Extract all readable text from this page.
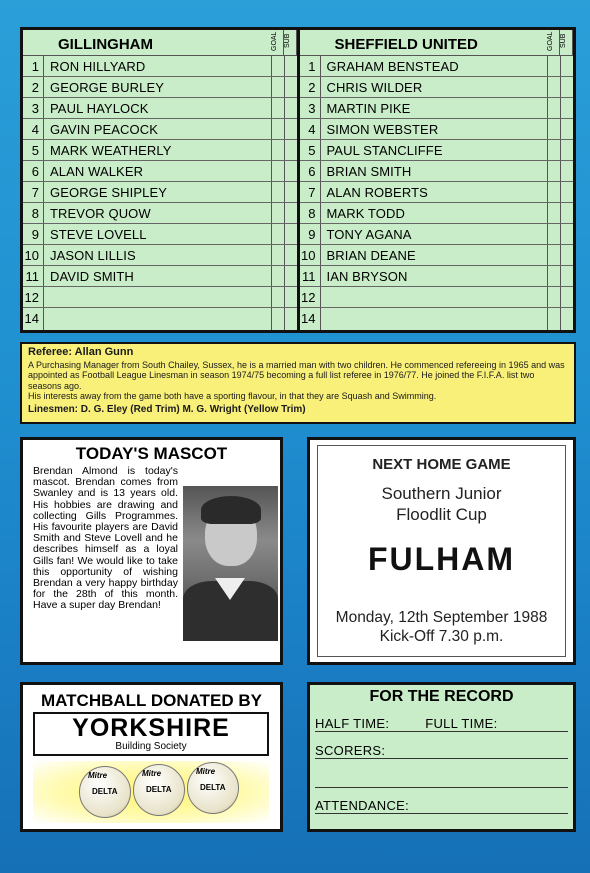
GILLINGHAM	GOAL SUB
1 RON HILLYARD
2 GEORGE BURLEY
3 PAUL HAYLOCK
4 GAVIN PEACOCK
5 MARK WEATHERLY
6 ALAN WALKER
7 GEORGE SHIPLEY
8 TREVOR QUOW
9 STEVE LOVELL
10 JASON LILLIS
11 DAVID SMITH
12
14
SHEFFIELD UNITED	GOAL SUB
1 GRAHAM BENSTEAD
2 CHRIS WILDER
3 MARTIN PIKE
4 SIMON WEBSTER
5 PAUL STANCLIFFE
6 BRIAN SMITH
7 ALAN ROBERTS
8 MARK TODD
9 TONY AGANA
10 BRIAN DEANE
11 IAN BRYSON
12
14
Referee: Allan Gunn
A Purchasing Manager from South Chailey, Sussex, he is a married man with two children. He commenced refereeing in 1965 and was appointed as Football League Linesman in season 1974/75 becoming a full list referee in 1976/77. He joined the F.I.F.A. list two seasons ago.
His interests away from the game both have a sporting flavour, in that they are Squash and Swimming.
Linesmen: D. G. Eley (Red Trim) M. G. Wright (Yellow Trim)
TODAY'S MASCOT
Brendan Almond is today's mascot. Brendan comes from Swanley and is 13 years old. His hobbies are drawing and collecting Gills Programmes. His favourite players are David Smith and Steve Lovell and he describes himself as a loyal Gills fan! We would like to take this opportunity of wishing Brendan a very happy birthday for the 28th of this month. Have a super day Brendan!
NEXT HOME GAME
Southern Junior
Floodlit Cup
FULHAM
Monday, 12th September 1988
Kick-Off 7.30 p.m.
MATCHBALL DONATED BY
YORKSHIRE
Building Society
Mitre
DELTA
Mitre
DELTA
Mitre
DELTA
FOR THE RECORD
HALF TIME:	FULL TIME:
SCORERS:
ATTENDANCE:
